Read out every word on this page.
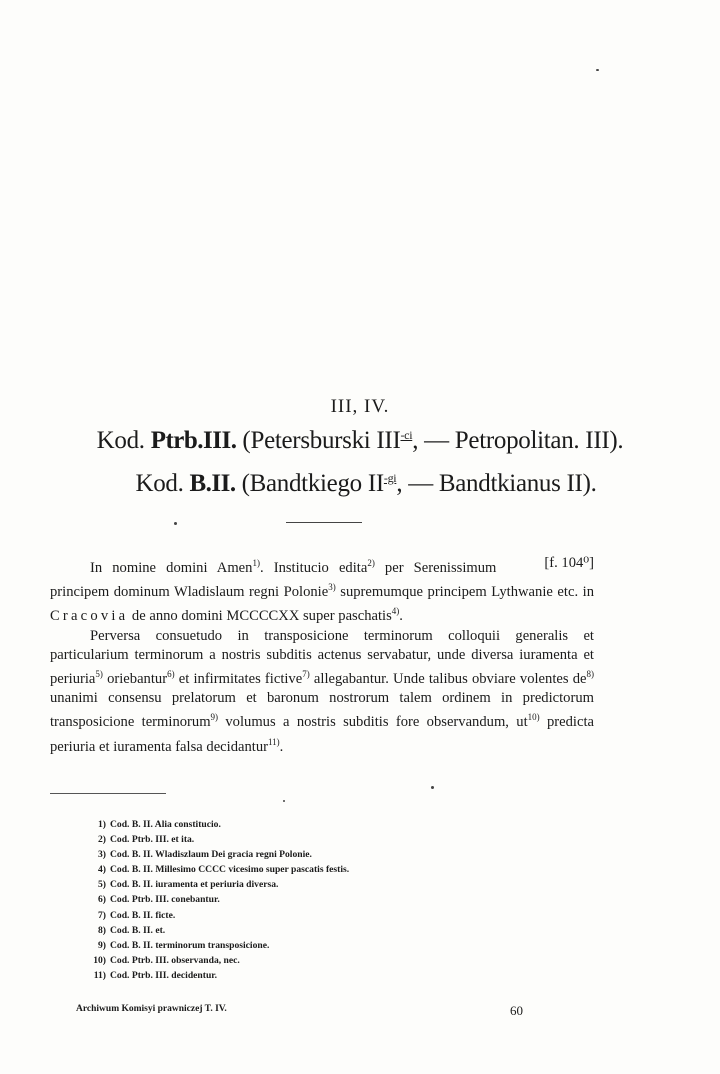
III, IV.
Kod. Ptrb.III. (Petersburski $III^{-ci}$, — Petropolitan. III).
Kod. B.II. (Bandtkiego $II^{-gi}$, — Bandtkianus II).

[f. 104⁰]
In nomine domini Amen$^{1)}$. Institucio edita$^{2)}$ per Serenissimum principem dominum Wladislaum regni Polonie$^{3)}$ supremumque principem Lythwanie etc. in Cracovia de anno domini MCCCCXX super paschatis$^{4)}$.

Perversa consuetudo in transposicione terminorum colloquii generalis et particularium terminorum a nostris subditis actenus servabatur, unde diversa iuramenta et periuria$^{5)}$ oriebantur$^{6)}$ et infirmitates fictive$^{7)}$ allegabantur. Unde talibus obviare volentes de$^{8)}$ unanimi consensu prelatorum et baronum nostrorum talem ordinem in predictorum transposicione terminorum$^{9)}$ volumus a nostris subditis fore observandum, ut$^{10)}$ predicta periuria et iuramenta falsa decidantur$^{11)}$.

1) Cod. B. II. Alia constitucio.
2) Cod. Ptrb. III. et ita.
3) Cod. B. II. Wladiszlaum Dei gracia regni Polonie.
4) Cod. B. II. Millesimo CCCC vicesimo super pascatis festis.
5) Cod. B. II. iuramenta et periuria diversa.
6) Cod. Ptrb. III. conebantur.
7) Cod. B. II. ficte.
8) Cod. B. II. et.
9) Cod. B. II. terminorum transposicione.
10) Cod. Ptrb. III. observanda, nec.
11) Cod. Ptrb. III. decidentur.
Archiwum Komisyi prawniczej T. IV.	60
